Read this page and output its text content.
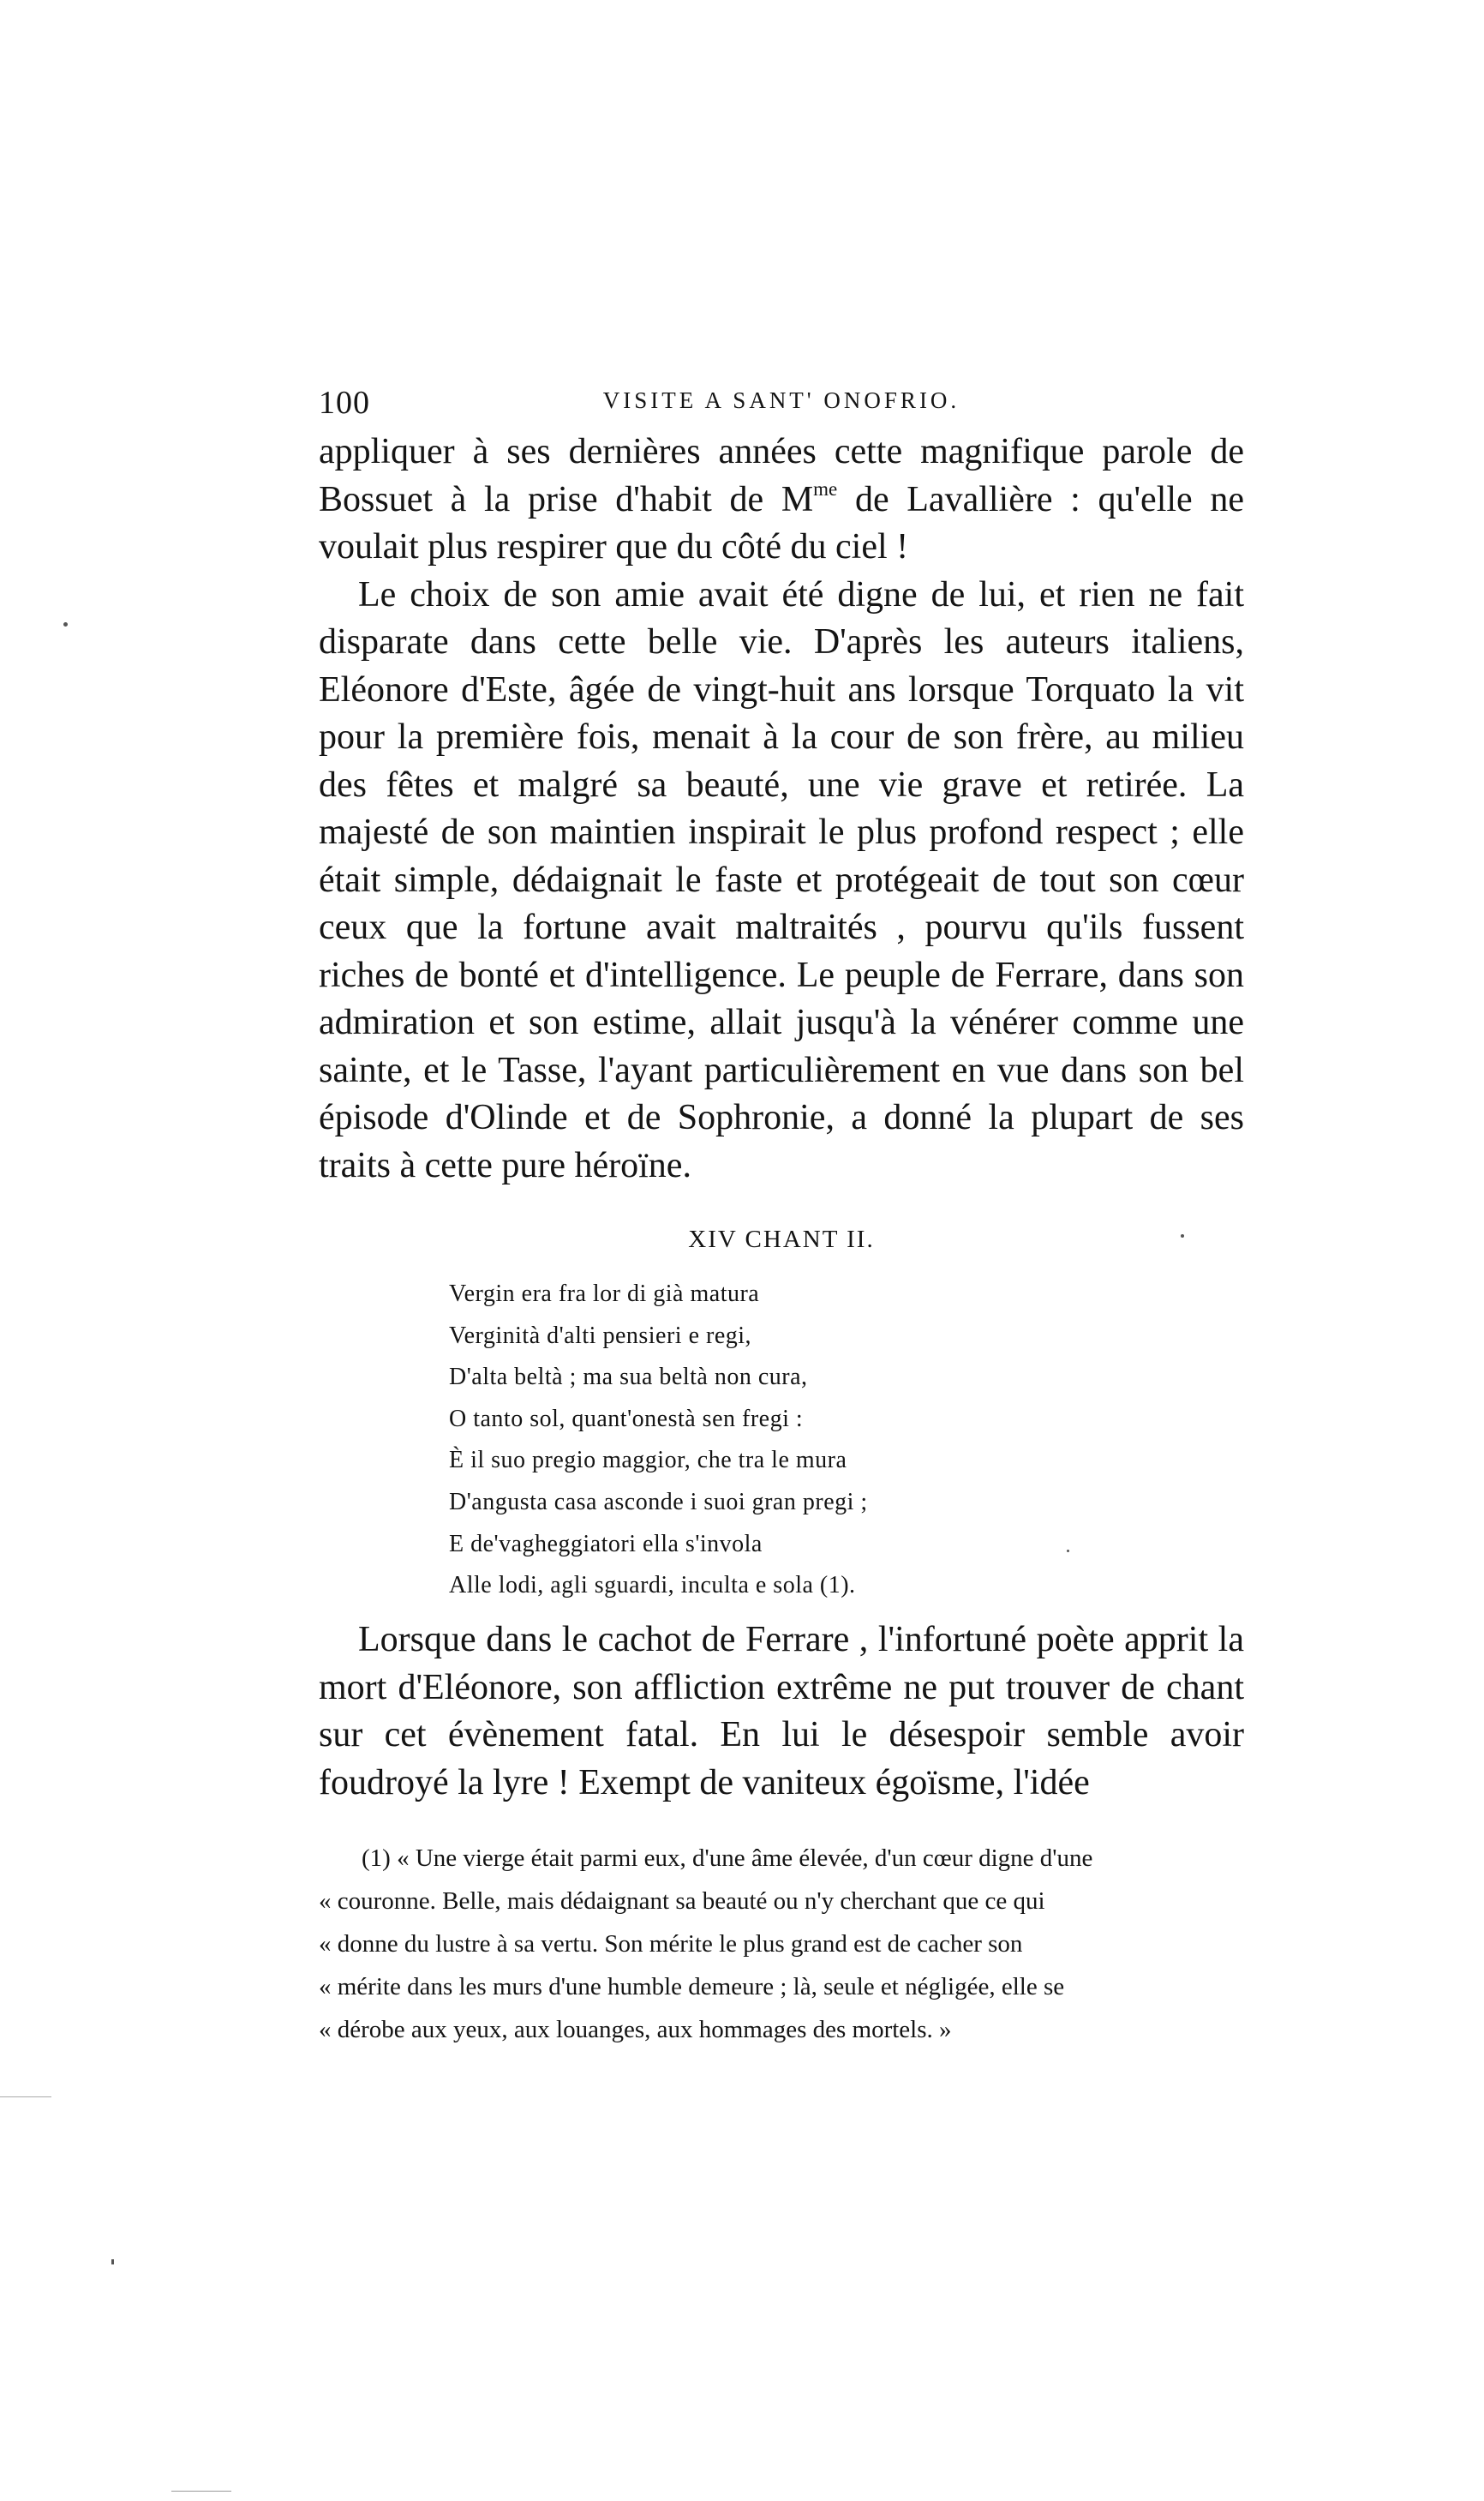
100	VISITE A SANT' ONOFRIO.

appliquer à ses dernières années cette magnifique parole de Bossuet à la prise d'habit de $M^{me}$ de Lavallière : qu'elle ne voulait plus respirer que du côté du ciel !

Le choix de son amie avait été digne de lui, et rien ne fait disparate dans cette belle vie. D'après les auteurs italiens, Eléonore d'Este, âgée de vingt-huit ans lorsque Torquato la vit pour la première fois, menait à la cour de son frère, au milieu des fêtes et malgré sa beauté, une vie grave et retirée. La majesté de son maintien inspirait le plus profond respect ; elle était simple, dédaignait le faste et protégeait de tout son cœur ceux que la fortune avait maltraités , pourvu qu'ils fussent riches de bonté et d'intelligence. Le peuple de Ferrare, dans son admiration et son estime, allait jusqu'à la vénérer comme une sainte, et le Tasse, l'ayant particulièrement en vue dans son bel épisode d'Olinde et de Sophronie, a donné la plupart de ses traits à cette pure héroïne.

XIV CHANT II.
Vergin era fra lor di già matura
Verginità d'alti pensieri e regi,
D'alta beltà ; ma sua beltà non cura,
O tanto sol, quant'onestà sen fregi :
È il suo pregio maggior, che tra le mura
D'angusta casa asconde i suoi gran pregi ;
E de'vagheggiatori ella s'invola
Alle lodi, agli sguardi, inculta e sola (1).

Lorsque dans le cachot de Ferrare , l'infortuné poète apprit la mort d'Eléonore, son affliction extrême ne put trouver de chant sur cet évènement fatal. En lui le désespoir semble avoir foudroyé la lyre ! Exempt de vaniteux égoïsme, l'idée

(1) « Une vierge était parmi eux, d'une âme élevée, d'un cœur digne d'une
« couronne. Belle, mais dédaignant sa beauté ou n'y cherchant que ce qui
« donne du lustre à sa vertu. Son mérite le plus grand est de cacher son
« mérite dans les murs d'une humble demeure ; là, seule et négligée, elle se
« dérobe aux yeux, aux louanges, aux hommages des mortels. »
